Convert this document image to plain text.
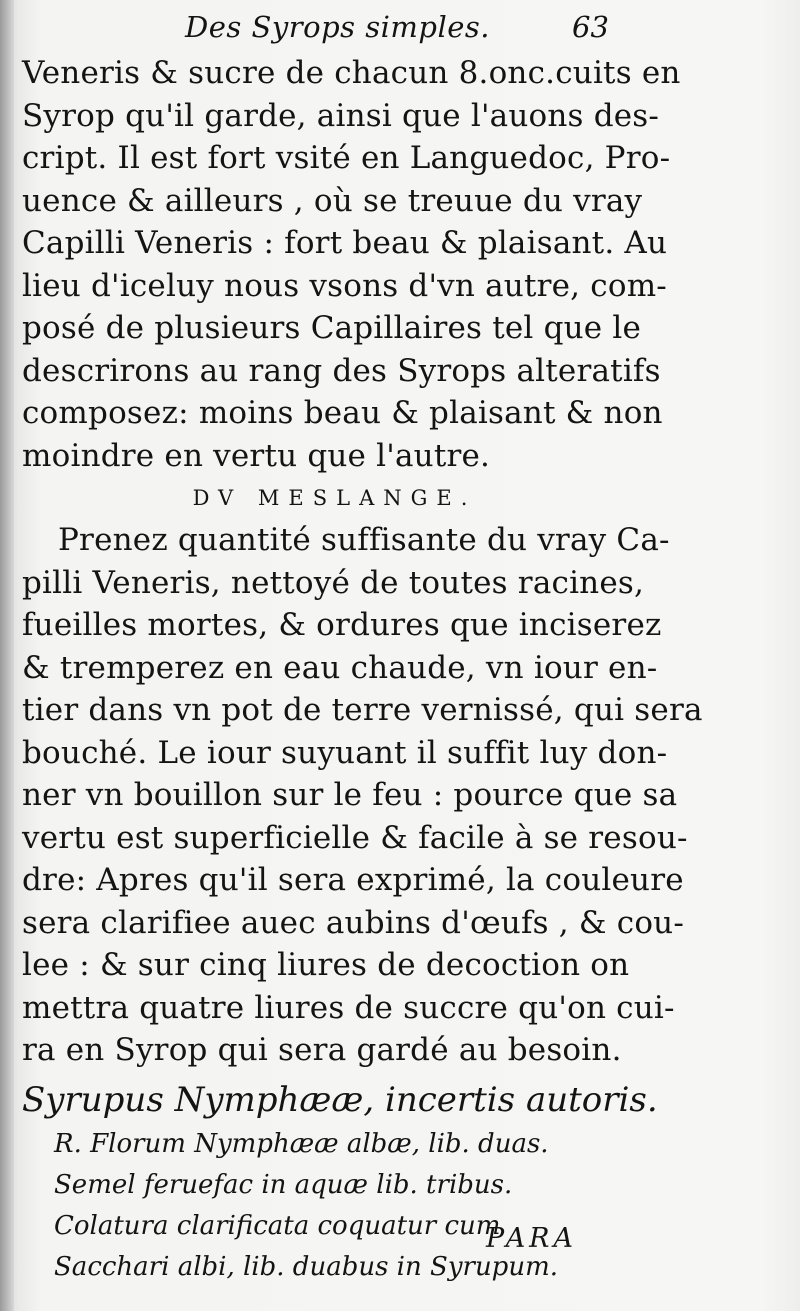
Des Syrops simples.	63
Veneris & sucre de chacun 8.onc.cuits en
Syrop qu'il garde, ainsi que l'auons des-
cript. Il est fort vsité en Languedoc, Pro-
uence & ailleurs , où se treuue du vray
Capilli Veneris : fort beau & plaisant. Au
lieu d'iceluy nous vsons d'vn autre, com-
posé de plusieurs Capillaires tel que le
descrirons au rang des Syrops alteratifs
composez: moins beau & plaisant & non
moindre en vertu que l'autre.
DV MESLANGE.
Prenez quantité suffisante du vray Ca-
pilli Veneris, nettoyé de toutes racines,
fueilles mortes, & ordures que inciserez
& tremperez en eau chaude, vn iour en-
tier dans vn pot de terre vernissé, qui sera
bouché. Le iour suyuant il suffit luy don-
ner vn bouillon sur le feu : pource que sa
vertu est superficielle & facile à se resou-
dre: Apres qu'il sera exprimé, la couleure
sera clarifiee auec aubins d'œufs , & cou-
lee : & sur cinq liures de decoction on
mettra quatre liures de succre qu'on cui-
ra en Syrop qui sera gardé au besoin.
Syrupus Nymphææ, incertis autoris.
R. Florum Nymphææ albæ, lib. duas.
Semel feruefac in aquæ lib. tribus.
Colatura clarificata coquatur cum
Sacchari albi, lib. duabus in Syrupum.
PARA
